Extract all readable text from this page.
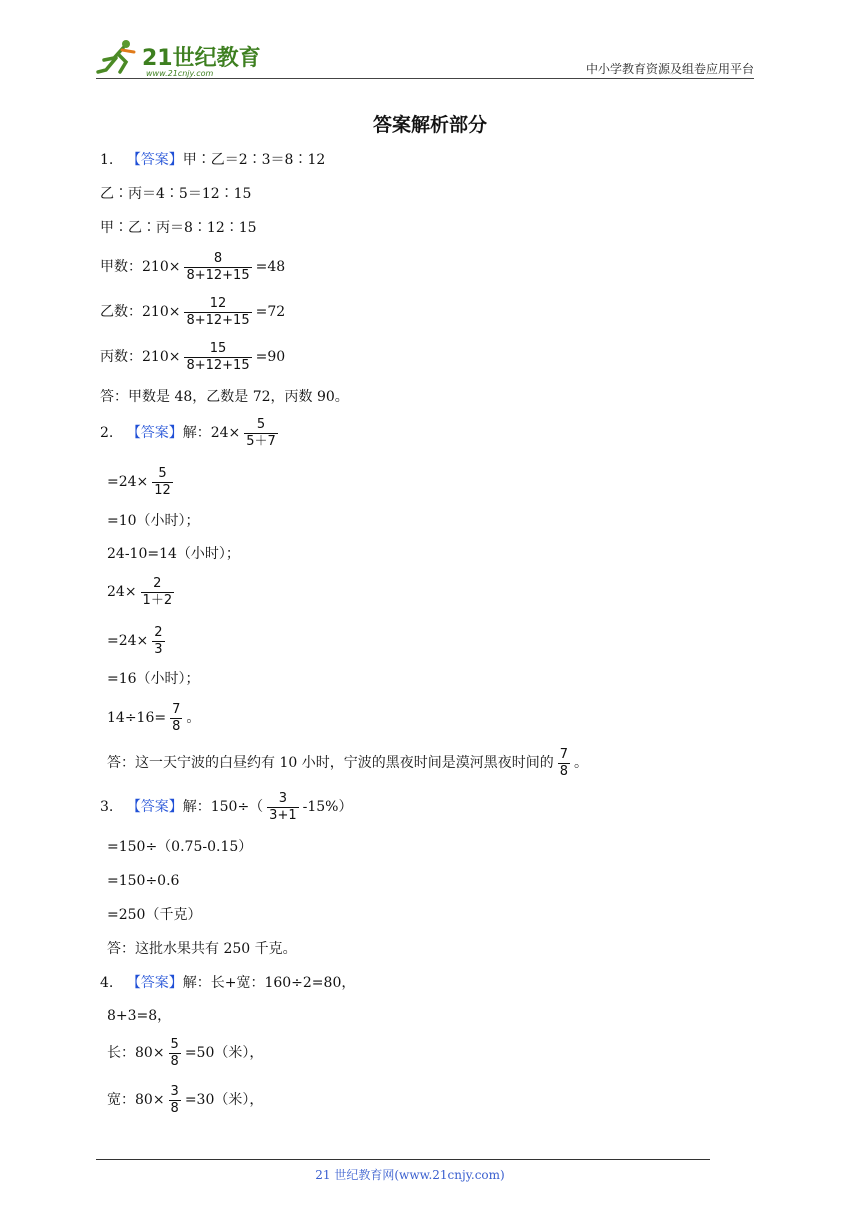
21世纪教育
www.21cnjy.com	中小学教育资源及组卷应用平台
答案解析部分
1.
【答案】 甲∶乙＝2∶3＝8∶12
乙∶丙＝4∶5＝12∶15
甲∶乙∶丙＝8∶12∶15
甲数：$210\times \frac{8}{8+12+15} =48$
乙数：$210\times \frac{12}{8+12+15} =72$
丙数：$210\times \frac{15}{8+12+15} =90$
答：甲数是 48，乙数是 72，丙数 90。
2.
【答案】 解：$24\times \frac{5}{5+7}$
$=24\times \frac{5}{12}$
=10（小时）；
24-10=14（小时）；
$24\times \frac{2}{1+2}$
$=24\times \frac{2}{3}$
=16（小时）；
$14\div 16= \frac{7}{8}$ 。
答：这一天宁波的白昼约有 10 小时，宁波的黑夜时间是漠河黑夜时间的 $\frac{7}{8}$ 。
3.
【答案】 解：$150\div( \frac{3}{3+1} -15\%)$
=150÷（0.75-0.15）
=150÷0.6
=250（千克）
答：这批水果共有 250 千克。
4.
【答案】 解：长+宽：160÷2=80，
8+3=8，
长：$80\times \frac{5}{8} =50$（米），
宽：$80\times \frac{3}{8} =30$（米），
21 世纪教育网(www.21cnjy.com)
